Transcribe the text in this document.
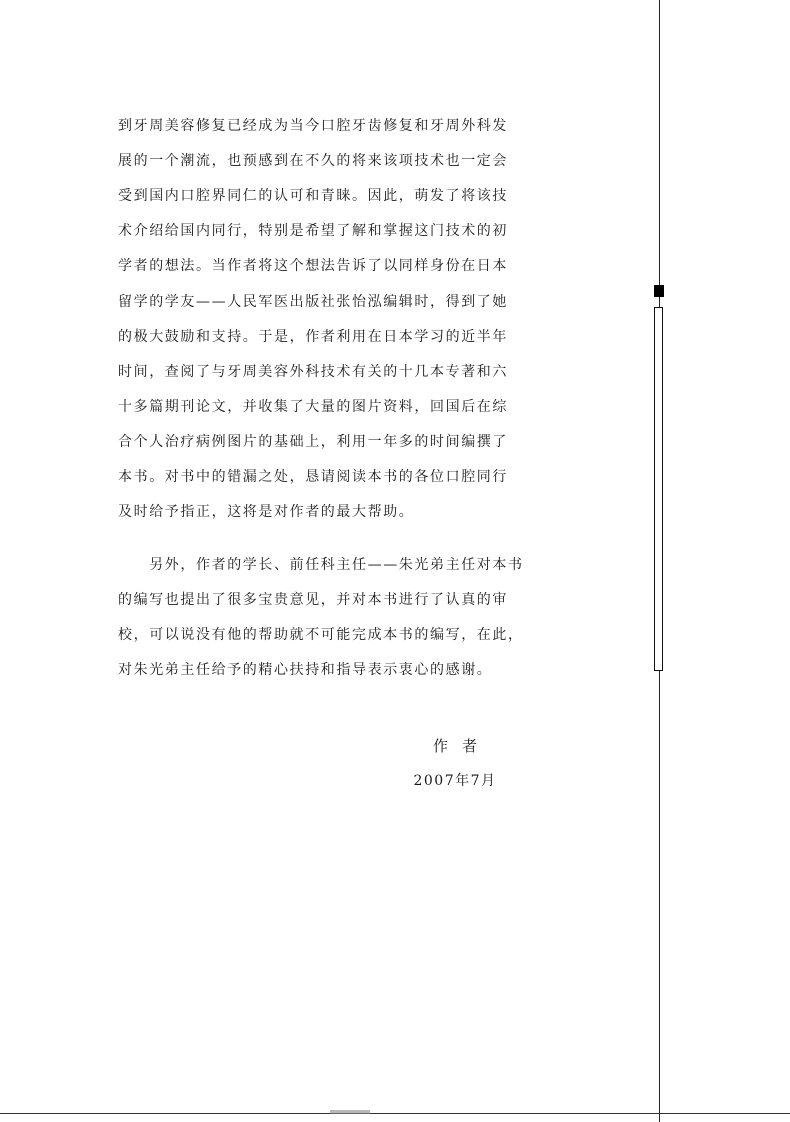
到牙周美容修复已经成为当今口腔牙齿修复和牙周外科发
展的一个潮流，也预感到在不久的将来该项技术也一定会
受到国内口腔界同仁的认可和青睐。因此，萌发了将该技
术介绍给国内同行，特别是希望了解和掌握这门技术的初
学者的想法。当作者将这个想法告诉了以同样身份在日本
留学的学友——人民军医出版社张怡泓编辑时，得到了她
的极大鼓励和支持。于是，作者利用在日本学习的近半年
时间，查阅了与牙周美容外科技术有关的十几本专著和六
十多篇期刊论文，并收集了大量的图片资料，回国后在综
合个人治疗病例图片的基础上，利用一年多的时间编撰了
本书。对书中的错漏之处，恳请阅读本书的各位口腔同行
及时给予指正，这将是对作者的最大帮助。
　　另外，作者的学长、前任科主任——朱光弟主任对本书
的编写也提出了很多宝贵意见，并对本书进行了认真的审
校，可以说没有他的帮助就不可能完成本书的编写，在此，
对朱光弟主任给予的精心扶持和指导表示衷心的感谢。
作者
2007年7月
